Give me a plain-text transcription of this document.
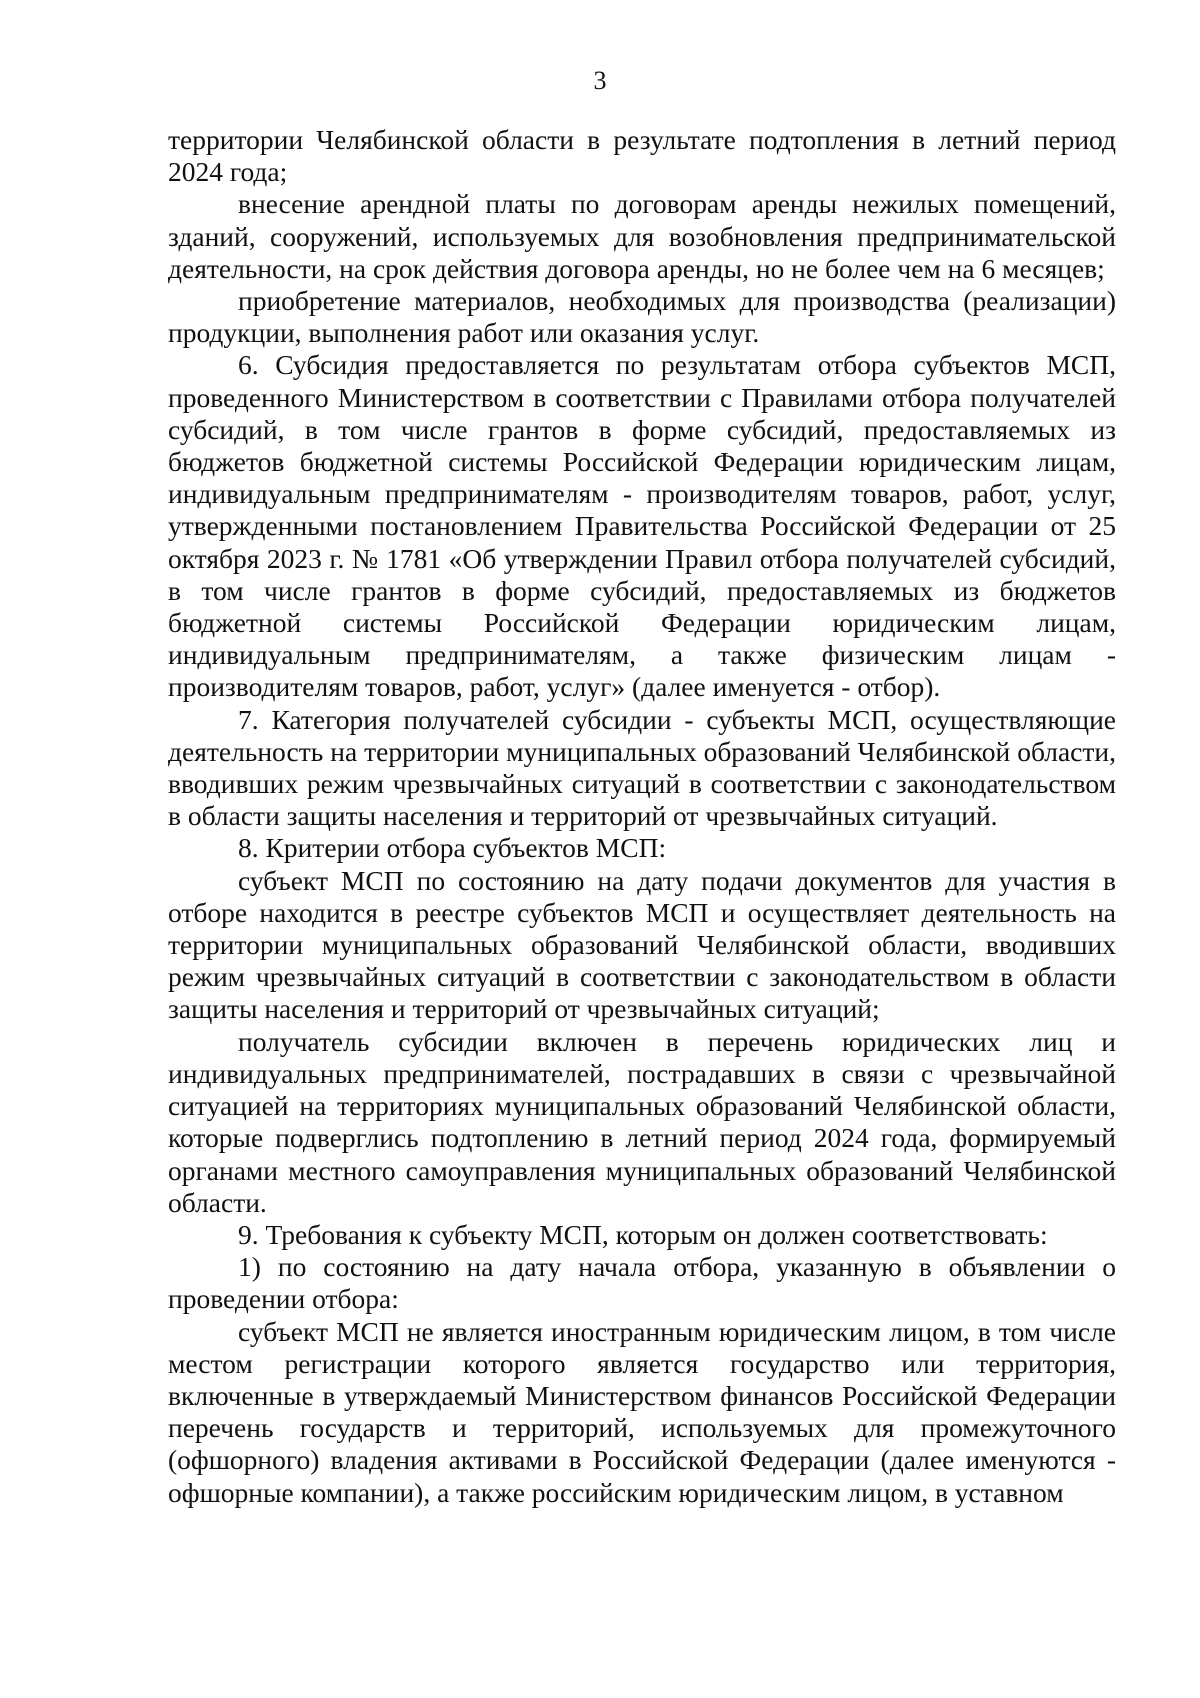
3

территории Челябинской области в результате подтопления в летний период 2024 года;

внесение арендной платы по договорам аренды нежилых помещений, зданий, сооружений, используемых для возобновления предпринимательской деятельности, на срок действия договора аренды, но не более чем на 6 месяцев;

приобретение материалов, необходимых для производства (реализации) продукции, выполнения работ или оказания услуг.

6. Субсидия предоставляется по результатам отбора субъектов МСП, проведенного Министерством в соответствии с Правилами отбора получателей субсидий, в том числе грантов в форме субсидий, предоставляемых из бюджетов бюджетной системы Российской Федерации юридическим лицам, индивидуальным предпринимателям - производителям товаров, работ, услуг, утвержденными постановлением Правительства Российской Федерации от 25 октября 2023 г. № 1781 «Об утверждении Правил отбора получателей субсидий, в том числе грантов в форме субсидий, предоставляемых из бюджетов бюджетной системы Российской Федерации юридическим лицам, индивидуальным предпринимателям, а также физическим лицам - производителям товаров, работ, услуг» (далее именуется - отбор).

7. Категория получателей субсидии - субъекты МСП, осуществляющие деятельность на территории муниципальных образований Челябинской области, вводивших режим чрезвычайных ситуаций в соответствии с законодательством в области защиты населения и территорий от чрезвычайных ситуаций.

8. Критерии отбора субъектов МСП:

субъект МСП по состоянию на дату подачи документов для участия в отборе находится в реестре субъектов МСП и осуществляет деятельность на территории муниципальных образований Челябинской области, вводивших режим чрезвычайных ситуаций в соответствии с законодательством в области защиты населения и территорий от чрезвычайных ситуаций;

получатель субсидии включен в перечень юридических лиц и индивидуальных предпринимателей, пострадавших в связи с чрезвычайной ситуацией на территориях муниципальных образований Челябинской области, которые подверглись подтоплению в летний период 2024 года, формируемый органами местного самоуправления муниципальных образований Челябинской области.

9. Требования к субъекту МСП, которым он должен соответствовать:

1) по состоянию на дату начала отбора, указанную в объявлении о проведении отбора:

субъект МСП не является иностранным юридическим лицом, в том числе местом регистрации которого является государство или территория, включенные в утверждаемый Министерством финансов Российской Федерации перечень государств и территорий, используемых для промежуточного (офшорного) владения активами в Российской Федерации (далее именуются - офшорные компании), а также российским юридическим лицом, в уставном
